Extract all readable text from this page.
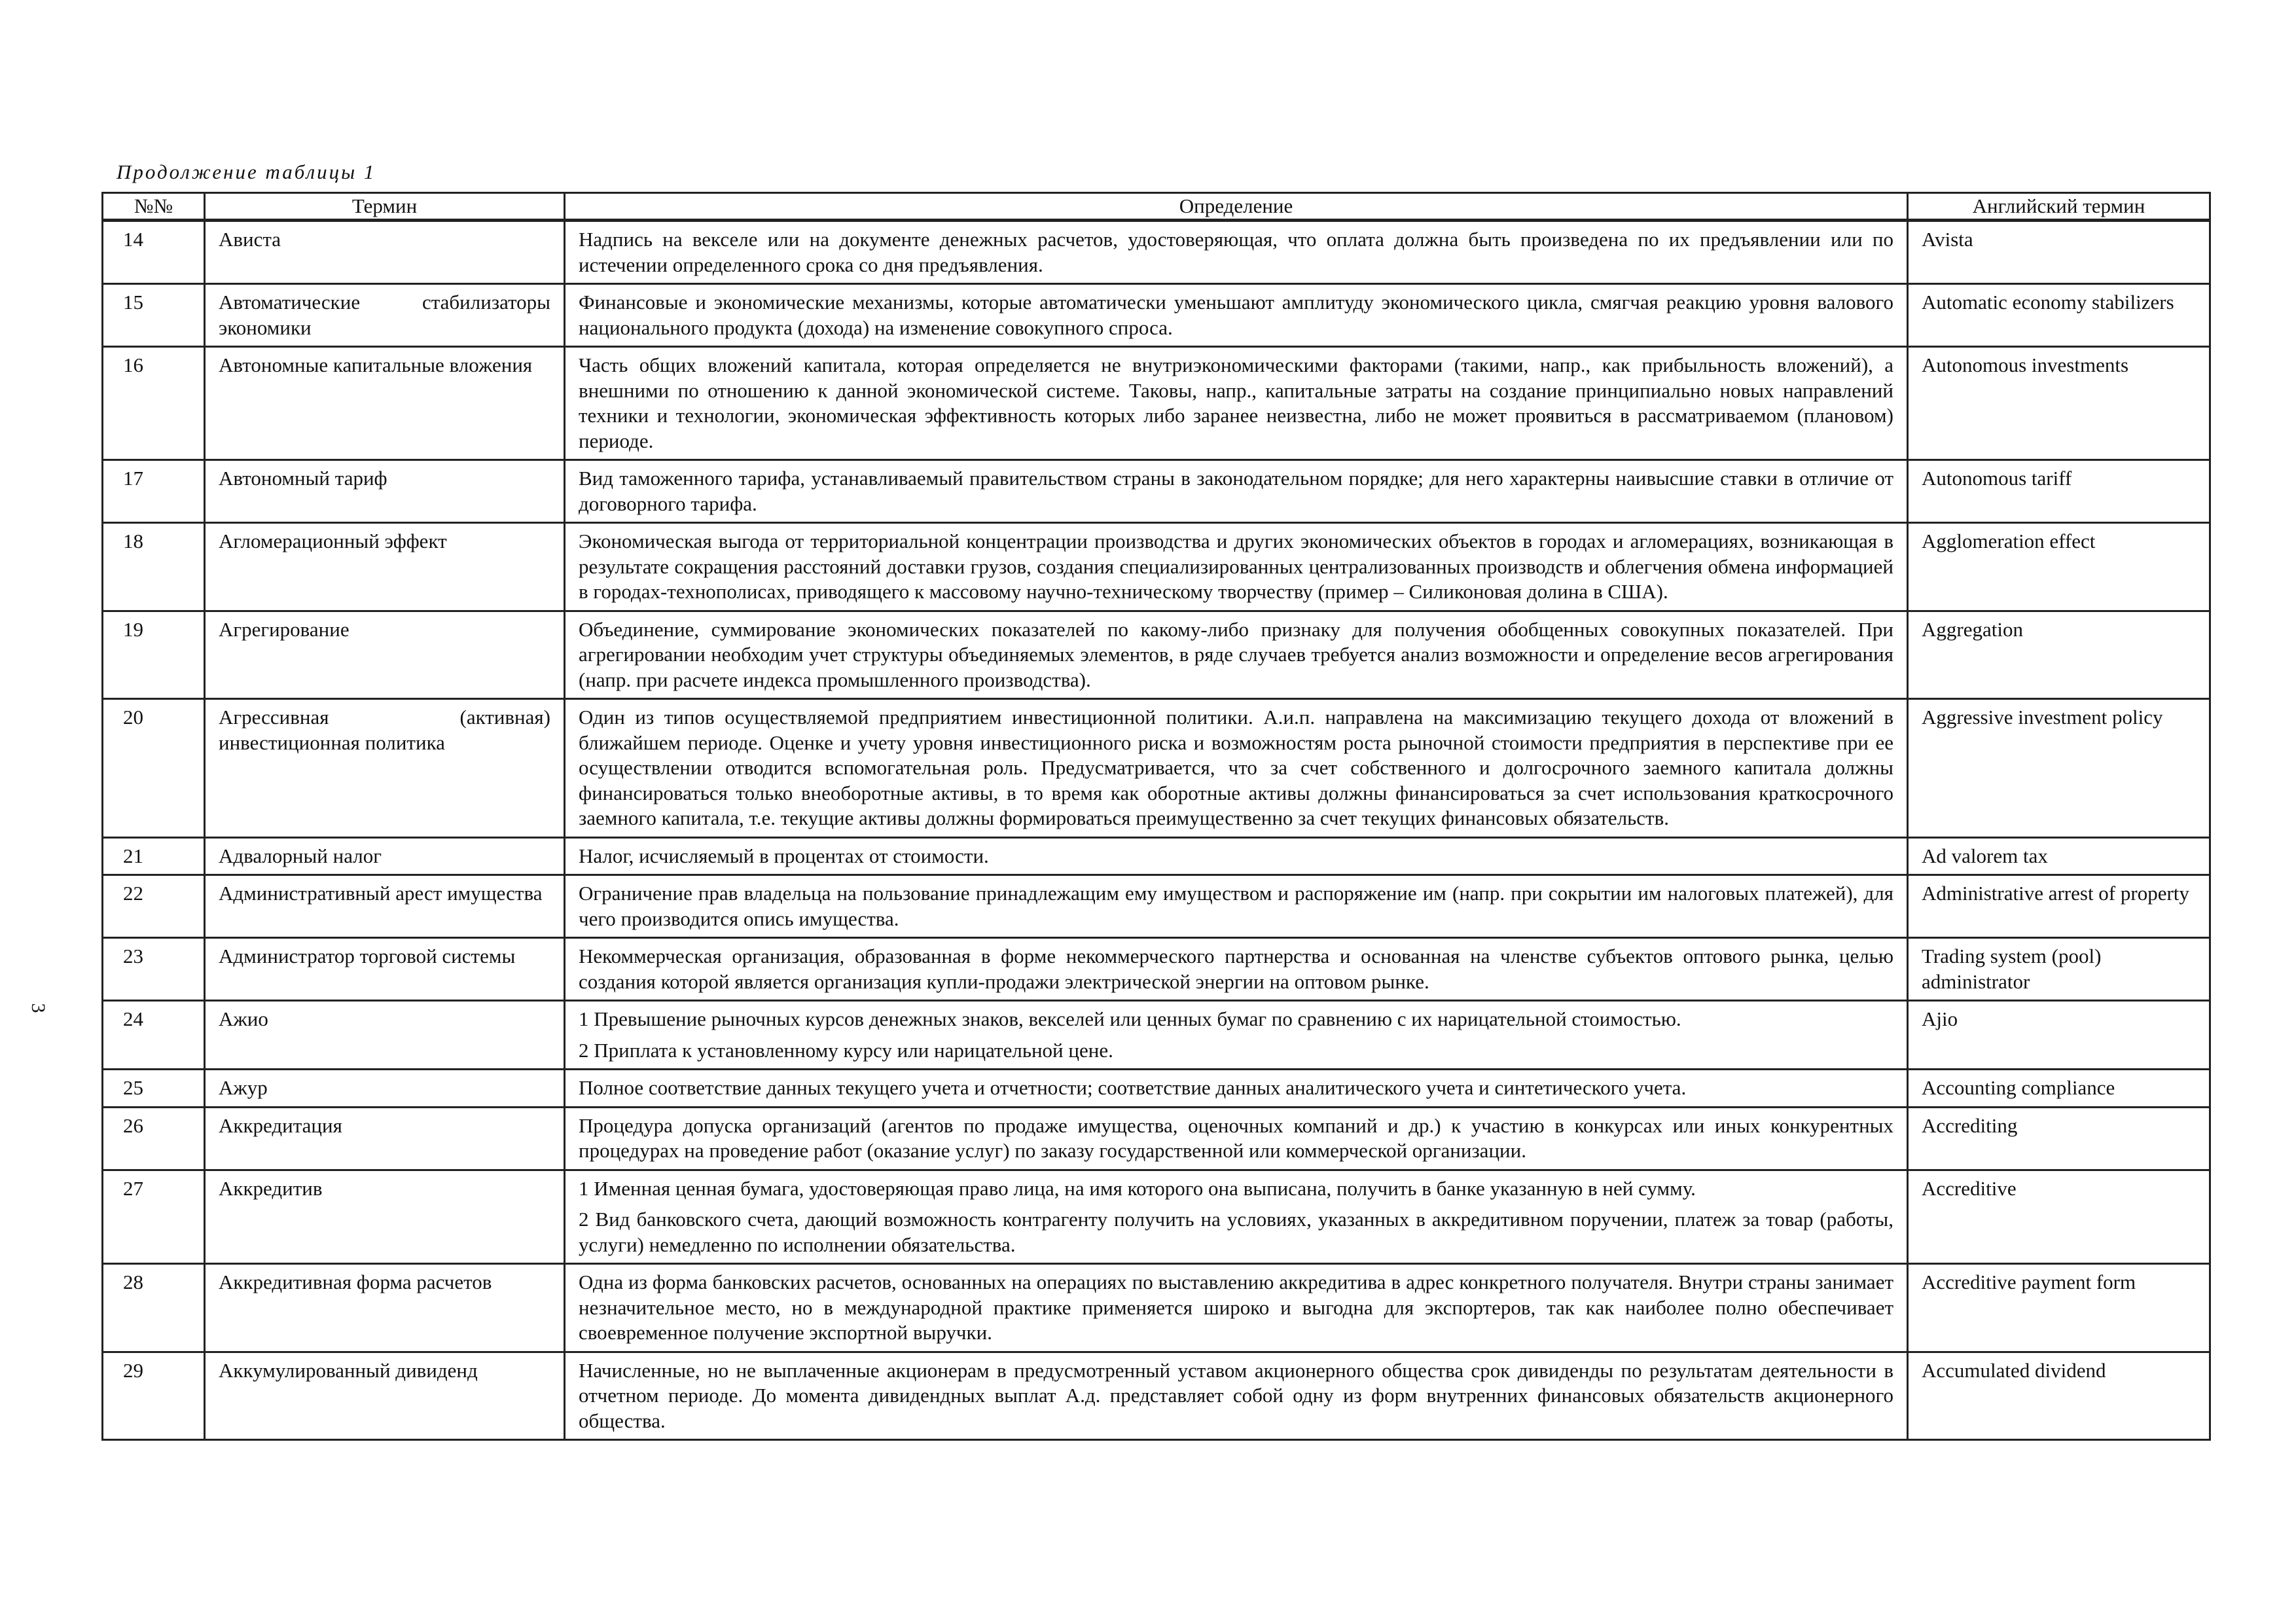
3
Продолжение таблицы 1
№№	Термин	Определение	Английский термин
14	Ависта	Надпись на векселе или на документе денежных расчетов, удостоверяющая, что оплата должна быть произведена по их предъявлении или по истечении определенного срока со дня предъявления.	Avista
15	Автоматические стабилизаторы экономики	Финансовые и экономические механизмы, которые автоматически уменьшают амплитуду экономического цикла, смягчая реакцию уровня валового национального продукта (дохода) на изменение совокупного спроса.	Automatic economy stabilizers
16	Автономные капитальные вложения	Часть общих вложений капитала, которая определяется не внутриэкономическими факторами (такими, напр., как прибыльность вложений), а внешними по отношению к данной экономической системе. Таковы, напр., капитальные затраты на создание принципиально новых направлений техники и технологии, экономическая эффективность которых либо заранее неизвестна, либо не может проявиться в рассматриваемом (плановом) периоде.	Autonomous investments
17	Автономный тариф	Вид таможенного тарифа, устанавливаемый правительством страны в законодательном порядке; для него характерны наивысшие ставки в отличие от договорного тарифа.	Autonomous tariff
18	Агломерационный эффект	Экономическая выгода от территориальной концентрации производства и других экономических объектов в городах и агломерациях, возникающая в результате сокращения расстояний доставки грузов, создания специализированных централизованных производств и облегчения обмена информацией в городах-технополисах, приводящего к массовому научно-техническому творчеству (пример – Силиконовая долина в США).	Agglomeration effect
19	Агрегирование	Объединение, суммирование экономических показателей по какому-либо признаку для получения обобщенных совокупных показателей. При агрегировании необходим учет структуры объединяемых элементов, в ряде случаев требуется анализ возможности и определение весов агрегирования (напр. при расчете индекса промышленного производства).	Aggregation
20	Агрессивная (активная) инвестиционная политика	Один из типов осуществляемой предприятием инвестиционной политики. А.и.п. направлена на максимизацию текущего дохода от вложений в ближайшем периоде. Оценке и учету уровня инвестиционного риска и возможностям роста рыночной стоимости предприятия в перспективе при ее осуществлении отводится вспомогательная роль. Предусматривается, что за счет собственного и долгосрочного заемного капитала должны финансироваться только внеоборотные активы, в то время как оборотные активы должны финансироваться за счет использования краткосрочного заемного капитала, т.е. текущие активы должны формироваться преимущественно за счет текущих финансовых обязательств.	Aggressive investment policy
21	Адвалорный налог	Налог, исчисляемый в процентах от стоимости.	Ad valorem tax
22	Административный арест имущества	Ограничение прав владельца на пользование принадлежащим ему имуществом и распоряжение им (напр. при сокрытии им налоговых платежей), для чего производится опись имущества.	Administrative arrest of property
23	Администратор торговой системы	Некоммерческая организация, образованная в форме некоммерческого партнерства и основанная на членстве субъектов оптового рынка, целью создания которой является организация купли-продажи электрической энергии на оптовом рынке.	Trading system (pool) administrator
24	Ажио	1 Превышение рыночных курсов денежных знаков, векселей или ценных бумаг по сравнению с их нарицательной стоимостью.
2 Приплата к установленному курсу или нарицательной цене.	Ajio
25	Ажур	Полное соответствие данных текущего учета и отчетности; соответствие данных аналитического учета и синтетического учета.	Accounting compliance
26	Аккредитация	Процедура допуска организаций (агентов по продаже имущества, оценочных компаний и др.) к участию в конкурсах или иных конкурентных процедурах на проведение работ (оказание услуг) по заказу государственной или коммерческой организации.	Accrediting
27	Аккредитив	1 Именная ценная бумага, удостоверяющая право лица, на имя которого она выписана, получить в банке указанную в ней сумму.
2 Вид банковского счета, дающий возможность контрагенту получить на условиях, указанных в аккредитивном поручении, платеж за товар (работы, услуги) немедленно по исполнении обязательства.	Accreditive
28	Аккредитивная форма расчетов	Одна из форма банковских расчетов, основанных на операциях по выставлению аккредитива в адрес конкретного получателя. Внутри страны занимает незначительное место, но в международной практике применяется широко и выгодна для экспортеров, так как наиболее полно обеспечивает своевременное получение экспортной выручки.	Accreditive payment form
29	Аккумулированный дивиденд	Начисленные, но не выплаченные акционерам в предусмотренный уставом акционерного общества срок дивиденды по результатам деятельности в отчетном периоде. До момента дивидендных выплат А.д. представляет собой одну из форм внутренних финансовых обязательств акционерного общества.	Accumulated dividend
